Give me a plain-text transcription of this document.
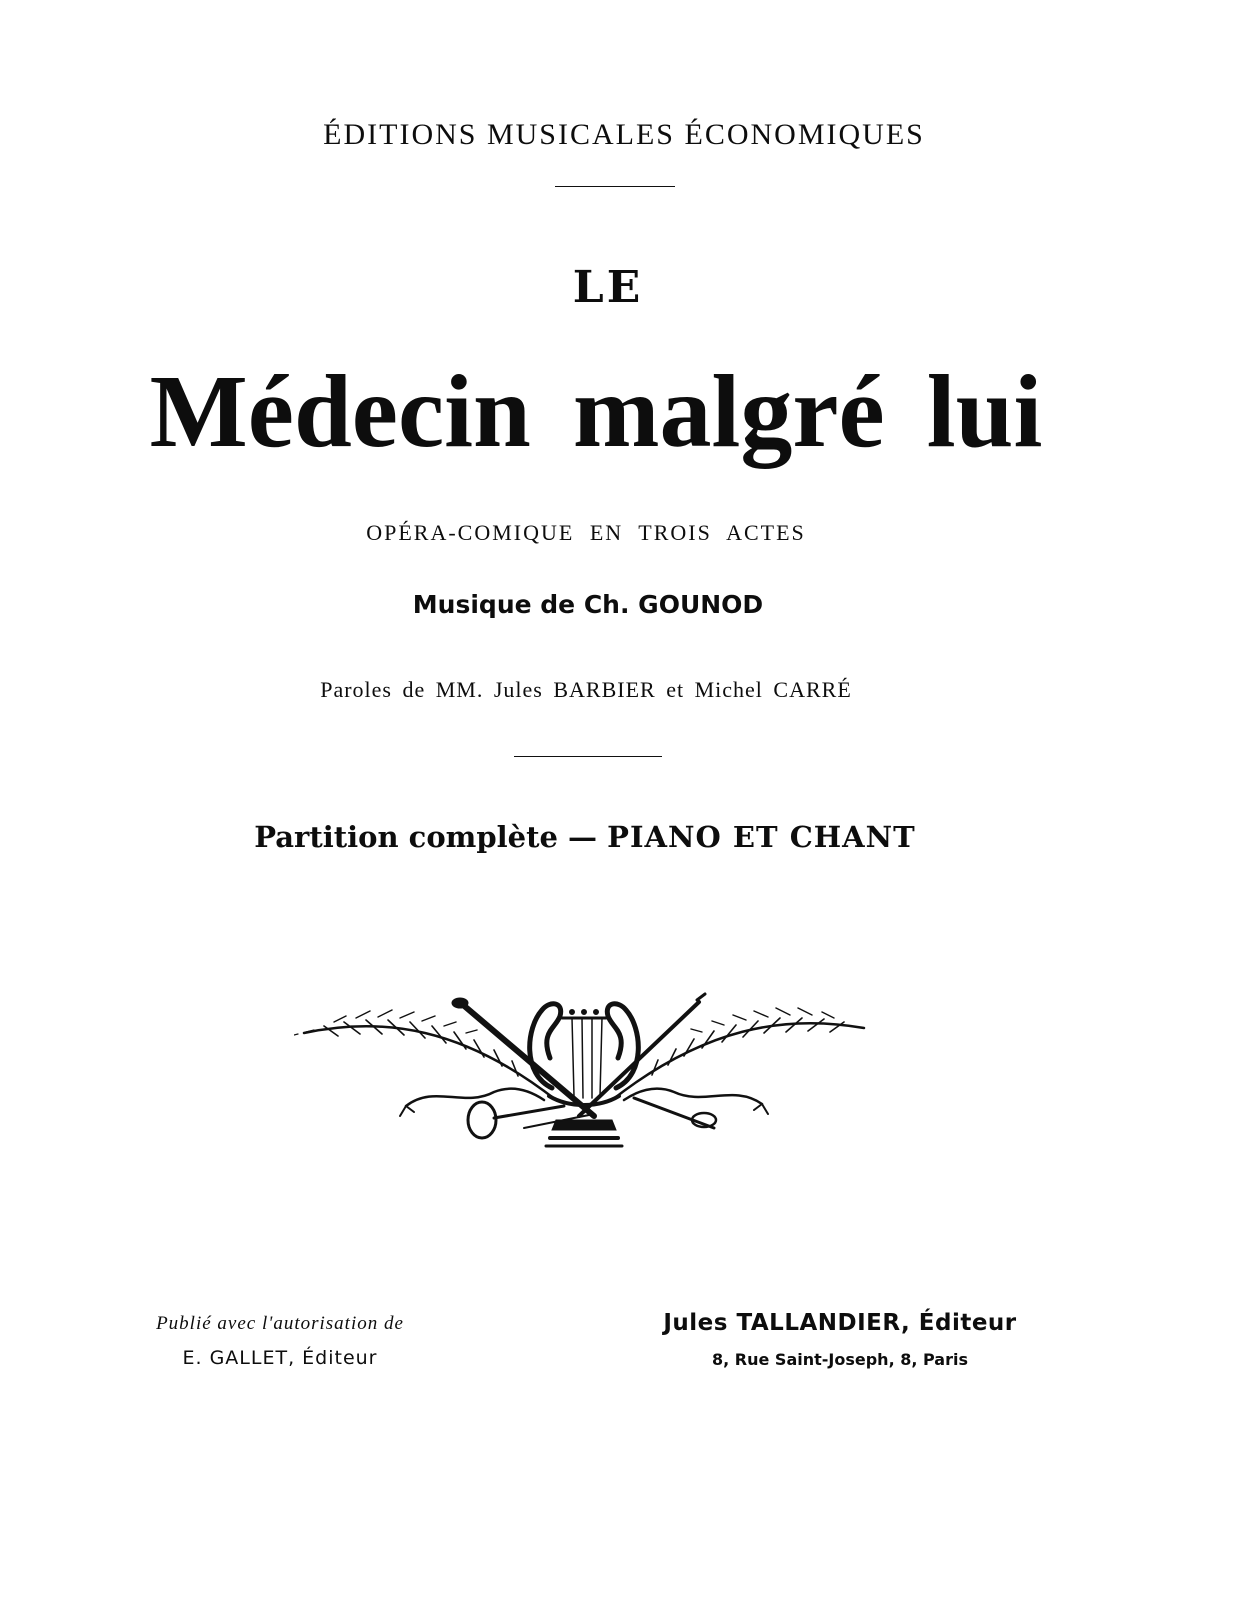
ÉDITIONS MUSICALES ÉCONOMIQUES
LE
Médecin malgré lui
OPÉRA-COMIQUE EN TROIS ACTES
Musique de Ch. GOUNOD
Paroles de MM. Jules BARBIER et Michel CARRÉ
Partition complète — PIANO ET CHANT
Publié avec l'autorisation de
E. GALLET, Éditeur
Jules TALLANDIER, Éditeur
8, Rue Saint-Joseph, 8, Paris
